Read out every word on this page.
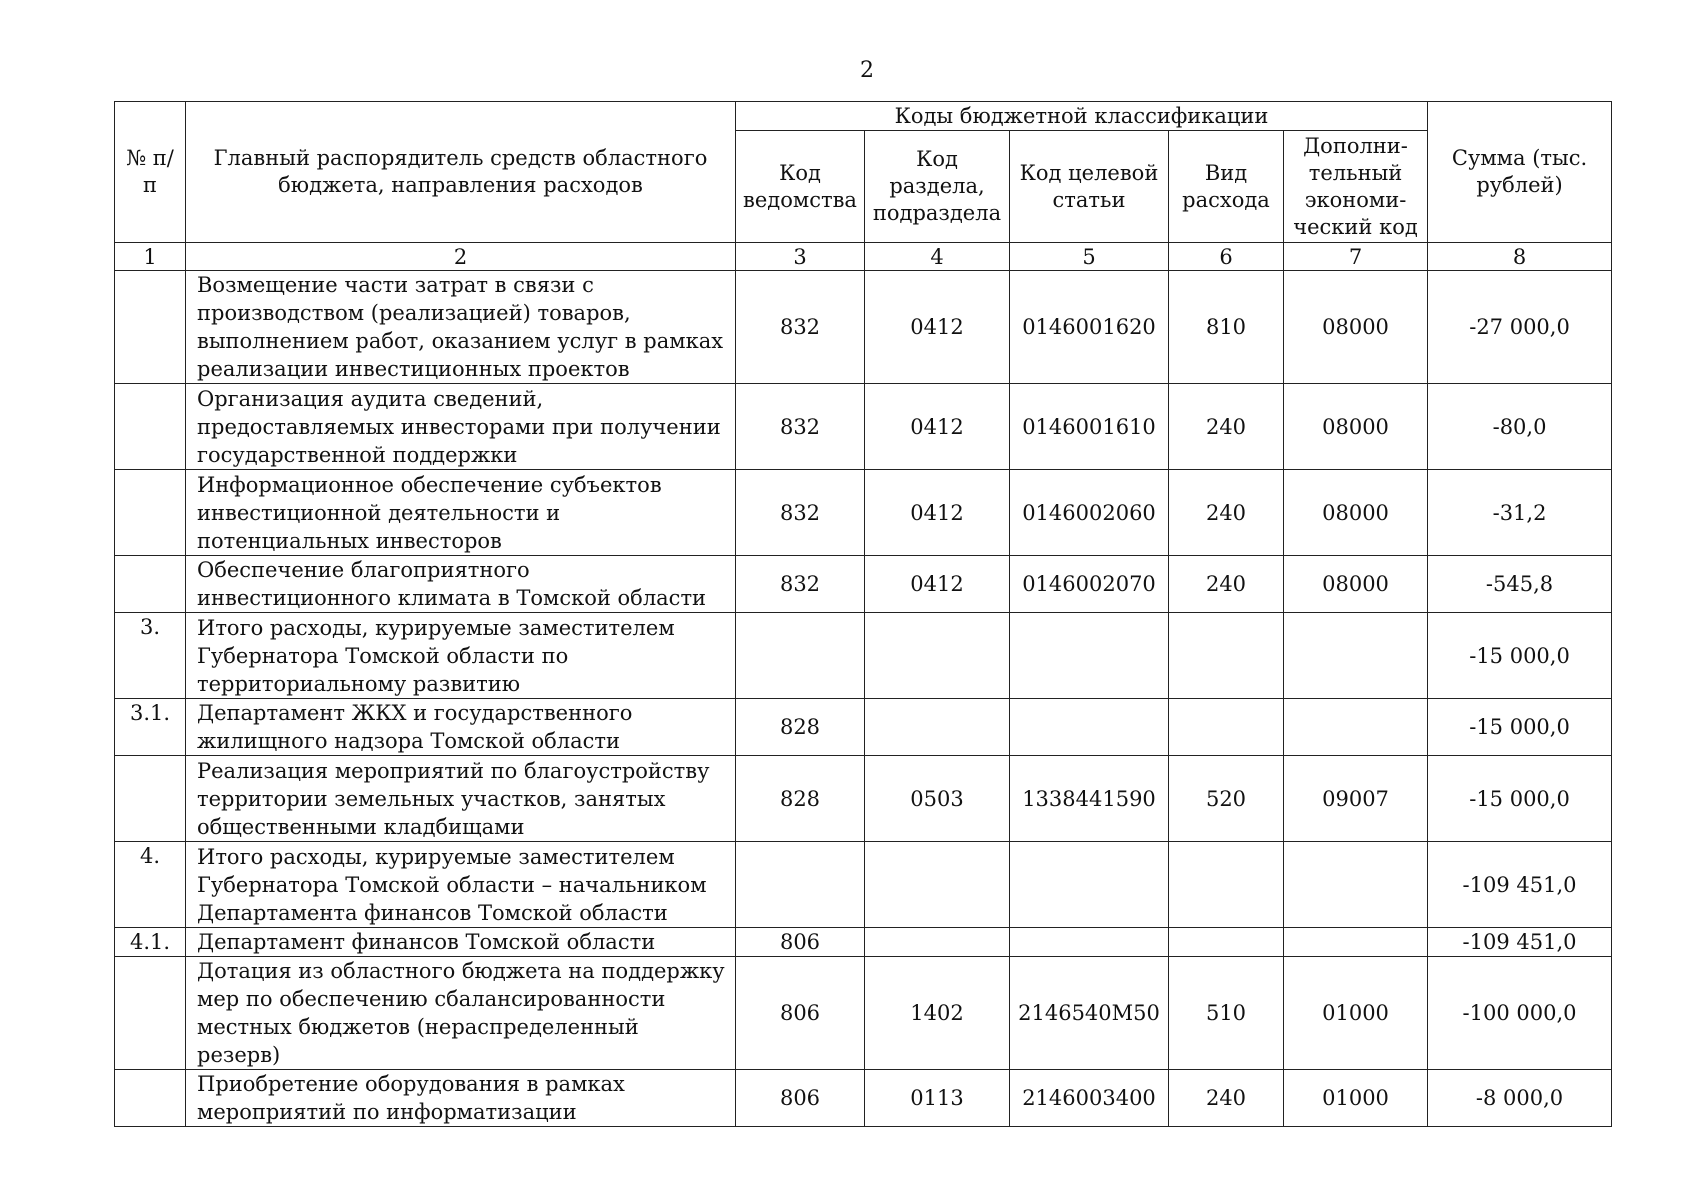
2
№ п/п	Главный распорядитель средств областного бюджета, направления расходов	Коды бюджетной классификации					Сумма (тыс. рублей)
		Код ведомства	Код раздела, подраздела	Код целевой статьи	Вид расхода	Дополни-тельный экономи-ческий код	
1	2	3	4	5	6	7	8
	Возмещение части затрат в связи с производством (реализацией) товаров, выполнением работ, оказанием услуг в рамках реализации инвестиционных проектов	832	0412	0146001620	810	08000	-27 000,0
	Организация аудита сведений, предоставляемых инвесторами при получении государственной поддержки	832	0412	0146001610	240	08000	-80,0
	Информационное обеспечение субъектов инвестиционной деятельности и потенциальных инвесторов	832	0412	0146002060	240	08000	-31,2
	Обеспечение благоприятного инвестиционного климата в Томской области	832	0412	0146002070	240	08000	-545,8
3.	Итого расходы, курируемые заместителем Губернатора Томской области по территориальному развитию						-15 000,0
3.1.	Департамент ЖКХ и государственного жилищного надзора Томской области	828					-15 000,0
	Реализация мероприятий по благоустройству территории земельных участков, занятых общественными кладбищами	828	0503	1338441590	520	09007	-15 000,0
4.	Итого расходы, курируемые заместителем Губернатора Томской области – начальником Департамента финансов Томской области						-109 451,0
4.1.	Департамент финансов Томской области	806					-109 451,0
	Дотация из областного бюджета на поддержку мер по обеспечению сбалансированности местных бюджетов (нераспределенный резерв)	806	1402	2146540М50	510	01000	-100 000,0
	Приобретение оборудования в рамках мероприятий по информатизации	806	0113	2146003400	240	01000	-8 000,0
